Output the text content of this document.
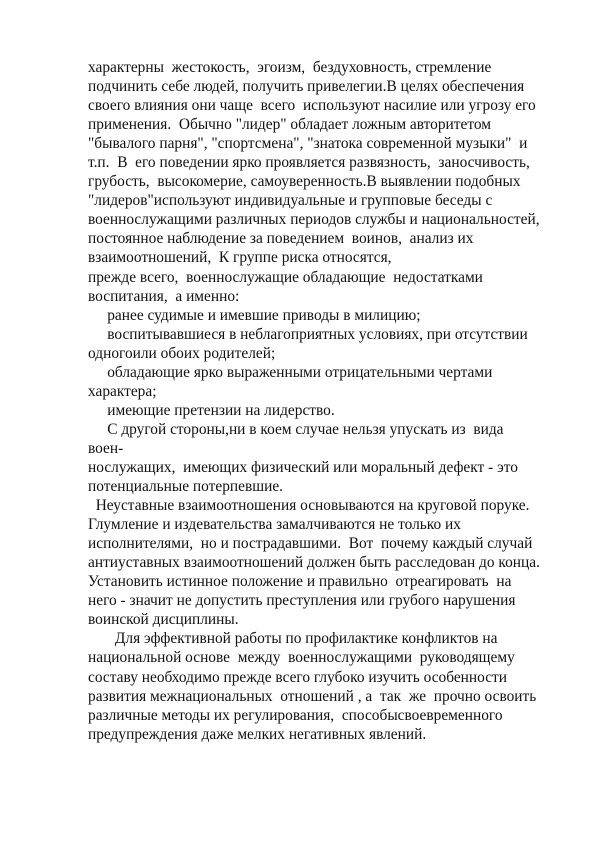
характерны  жестокость,  эгоизм,  бездуховность, стремление
подчинить себе людей, получить привелегии.В целях обеспечения
своего влияния они чаще  всего  используют насилие или угрозу его
применения.  Обычно "лидер" обладает ложным авторитетом
"бывалого парня", "спортсмена", "знатока современной музыки"  и
т.п.  В  его поведении ярко проявляется развязность,  заносчивость,
грубость,  высокомерие, самоуверенность.В выявлении подобных
"лидеров"используют индивидуальные и групповые беседы с
военнослужащими различных периодов службы и национальностей,
постоянное наблюдение за поведением  воинов,  анализ их
взаимоотношений,  К группе риска относятся,
прежде всего,  военнослужащие обладающие  недостатками
воспитания,  а именно:
ранее судимые и имевшие приводы в милицию;
воспитывавшиеся в неблагоприятных условиях, при отсутствии
одногоили обоих родителей;
обладающие ярко выраженными отрицательными чертами
характера;
имеющие претензии на лидерство.
С другой стороны,ни в коем случае нельзя упускать из  вида
воен-
нослужащих,  имеющих физический или моральный дефект - это
потенциальные потерпевшие.
Неуставные взаимоотношения основываются на круговой поруке.
Глумление и издевательства замалчиваются не только их
исполнителями,  но и пострадавшими.  Вот  почему каждый случай
антиуставных взаимоотношений должен быть расследован до конца.
Установить истинное положение и правильно  отреагировать  на
него - значит не допустить преступления или грубого нарушения
воинской дисциплины.
Для эффективной работы по профилактике конфликтов на
национальной основе  между  военнослужащими  руководящему
составу необходимо прежде всего глубоко изучить особенности
развития межнациональных  отношений , а  так  же  прочно освоить
различные методы их регулирования,  способысвоевременного
предупреждения даже мелких негативных явлений.
